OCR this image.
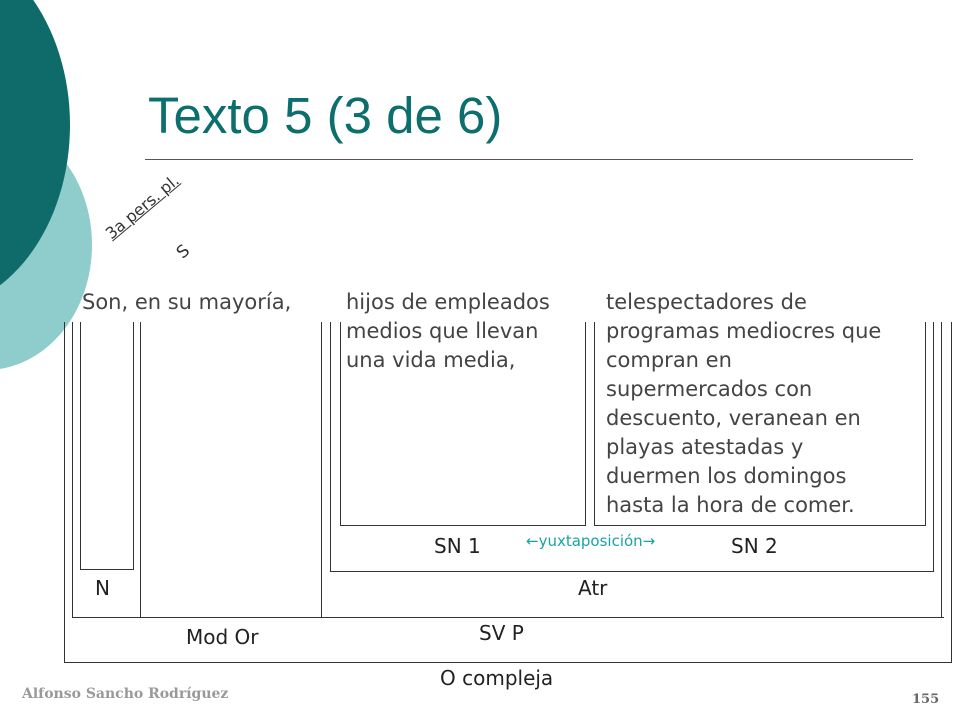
Texto 5 (3 de 6)
3a pers. pl.
S
Son, en su mayoría,	hijos de empleados
medios que llevan
una vida media,
telespectadores de
programas mediocres que
compran en
supermercados con
descuento, veranean en
playas atestadas y
duermen los domingos
hasta la hora de comer.
N
Mod Or
SN 1	←yuxtaposición→	SN 2
Atr
SV P
O compleja
Alfonso Sancho Rodríguez	155
